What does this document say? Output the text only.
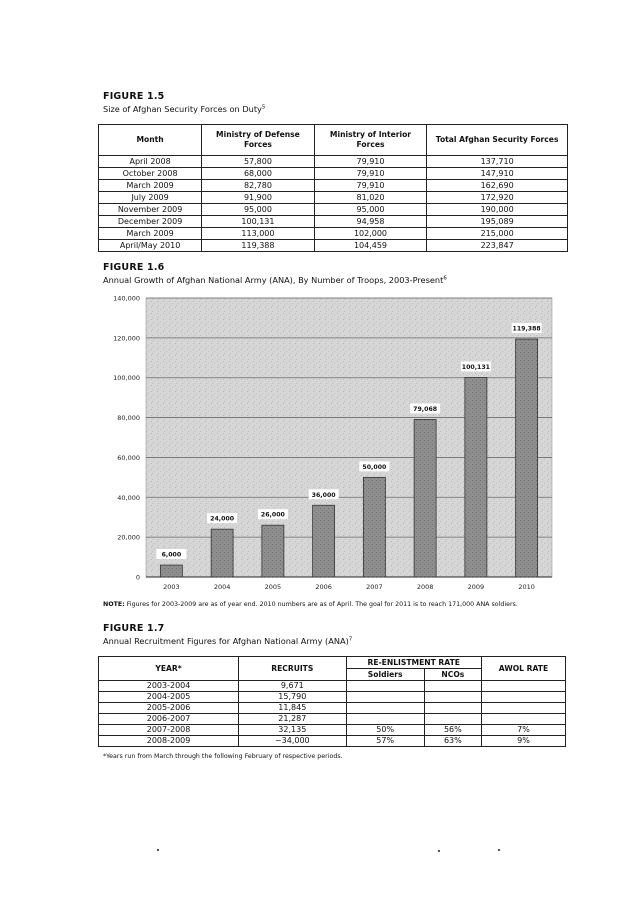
FIGURE 1.5
Size of Afghan Security Forces on Duty$^5$
Month	Ministry of Defense Forces	Ministry of Interior Forces	Total Afghan Security Forces
April 2008	57,800	79,910	137,710
October 2008	68,000	79,910	147,910
March 2009	82,780	79,910	162,690
July 2009	91,900	81,020	172,920
November 2009	95,000	95,000	190,000
December 2009	100,131	94,958	195,089
March 2009	113,000	102,000	215,000
April/May 2010	119,388	104,459	223,847
FIGURE 1.6
Annual Growth of Afghan National Army (ANA), By Number of Troops, 2003-Present$^6$
0
20,000
40,000
60,000
80,000
100,000
120,000
140,000
6,000
24,000
26,000
36,000
50,000
79,068
100,131
119,388
2003	2004	2005	2006	2007	2008	2009	2010
NOTE: Figures for 2003-2009 are as of year end. 2010 numbers are as of April. The goal for 2011 is to reach 171,000 ANA soldiers.
FIGURE 1.7
Annual Recruitment Figures for Afghan National Army (ANA)$^7$
YEAR*	RECRUITS	RE-ENLISTMENT RATE		AWOL RATE
		Soldiers	NCOs	
2003-2004	9,671			
2004-2005	15,790			
2005-2006	11,845			
2006-2007	21,287			
2007-2008	32,135	50%	56%	7%
2008-2009	~34,000	57%	63%	9%
*Years run from March through the following February of respective periods.
